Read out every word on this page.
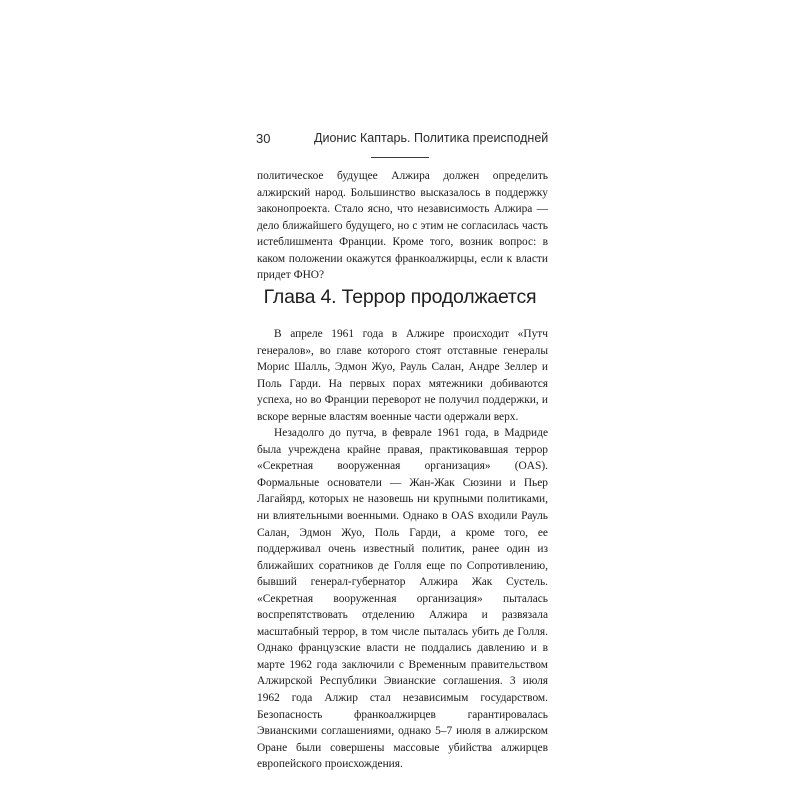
30	Дионис Каптарь. Политика преисподней

политическое будущее Алжира должен определить алжирский народ. Большинство высказалось в поддержку законопроекта. Стало ясно, что независимость Алжира — дело ближайшего будущего, но с этим не согласилась часть истеблишмента Франции. Кроме того, возник вопрос: в каком положении окажутся франкоалжирцы, если к власти придет ФНО?

Глава 4. Террор продолжается

В апреле 1961 года в Алжире происходит «Путч генералов», во главе которого стоят отставные генералы Морис Шалль, Эдмон Жуо, Рауль Салан, Андре Зеллер и Поль Гарди. На первых порах мятежники добиваются успеха, но во Франции переворот не получил поддержки, и вскоре верные властям военные части одержали верх.

Незадолго до путча, в феврале 1961 года, в Мадриде была учреждена крайне правая, практиковавшая террор «Секретная вооруженная организация» (OAS). Формальные основатели — Жан-Жак Сюзини и Пьер Лагайярд, которых не назовешь ни крупными политиками, ни влиятельными военными. Однако в OAS входили Рауль Салан, Эдмон Жуо, Поль Гарди, а кроме того, ее поддерживал очень известный политик, ранее один из ближайших соратников де Голля еще по Сопротивлению, бывший генерал-губернатор Алжира Жак Сустель. «Секретная вооруженная организация» пыталась воспрепятствовать отделению Алжира и развязала масштабный террор, в том числе пыталась убить де Голля. Однако французские власти не поддались давлению и в марте 1962 года заключили с Временным правительством Алжирской Республики Эвианские соглашения. 3 июля 1962 года Алжир стал независимым государством. Безопасность франкоалжирцев гарантировалась Эвианскими соглашениями, однако 5–7 июля в алжирском Оране были совершены массовые убийства алжирцев европейского происхождения.
